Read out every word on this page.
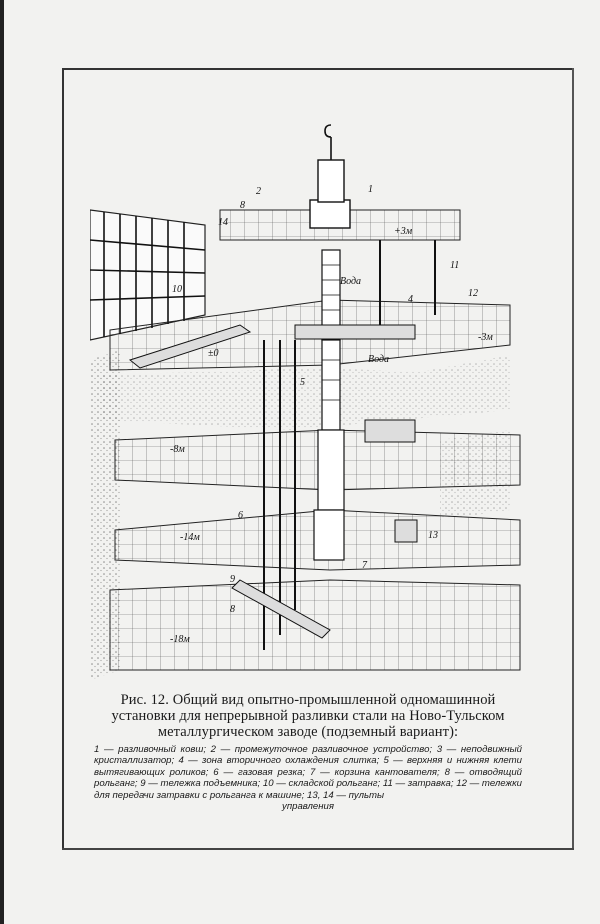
1
2
4
5
6
7
8
8
9
10
11
12
13
14
Вода
Вода
+3м
±0
-3м
-8м
-14м
-18м
Рис. 12. Общий вид опытно-промышленной одномашинной установки для непрерывной разливки стали на Ново-Тульском металлургическом заводе (подземный вариант):
1 — разливочный ковш; 2 — промежуточное разливочное устройство; 3 — неподвижный кристаллизатор; 4 — зона вторичного охлаждения слитка; 5 — верхняя и нижняя клети вытягивающих роликов; 6 — газовая резка; 7 — корзина кантователя; 8 — отводящий рольганг; 9 — тележка подъемника; 10 — складской рольганг; 11 — затравка; 12 — тележки для передачи затравки с рольганга к машине; 13, 14 — пульты
управления
